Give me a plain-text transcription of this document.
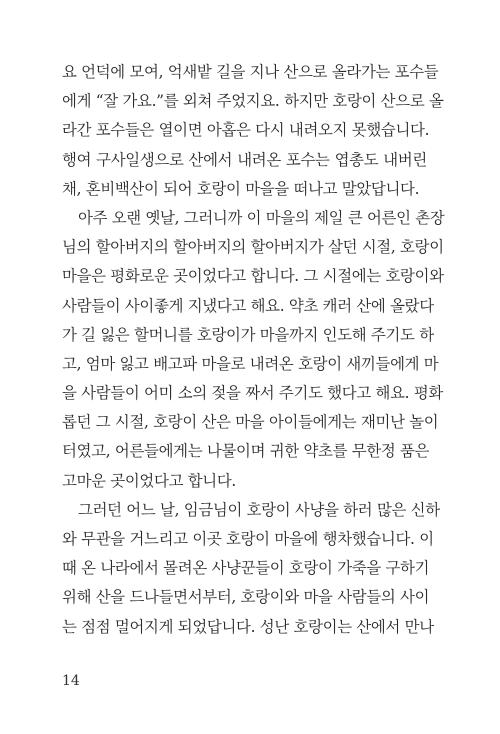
요 언덕에 모여, 억새밭 길을 지나 산으로 올라가는 포수들
에게 “잘 가요.”를 외쳐 주었지요. 하지만 호랑이 산으로 올
라간 포수들은 열이면 아홉은 다시 내려오지 못했습니다.
행여 구사일생으로 산에서 내려온 포수는 엽총도 내버린
채, 혼비백산이 되어 호랑이 마을을 떠나고 말았답니다.
아주 오랜 옛날, 그러니까 이 마을의 제일 큰 어른인 촌장
님의 할아버지의 할아버지의 할아버지가 살던 시절, 호랑이
마을은 평화로운 곳이었다고 합니다. 그 시절에는 호랑이와
사람들이 사이좋게 지냈다고 해요. 약초 캐러 산에 올랐다
가 길 잃은 할머니를 호랑이가 마을까지 인도해 주기도 하
고, 엄마 잃고 배고파 마을로 내려온 호랑이 새끼들에게 마
을 사람들이 어미 소의 젖을 짜서 주기도 했다고 해요. 평화
롭던 그 시절, 호랑이 산은 마을 아이들에게는 재미난 놀이
터였고, 어른들에게는 나물이며 귀한 약초를 무한정 품은
고마운 곳이었다고 합니다.
그러던 어느 날, 임금님이 호랑이 사냥을 하러 많은 신하
와 무관을 거느리고 이곳 호랑이 마을에 행차했습니다. 이
때 온 나라에서 몰려온 사냥꾼들이 호랑이 가죽을 구하기
위해 산을 드나들면서부터, 호랑이와 마을 사람들의 사이
는 점점 멀어지게 되었답니다. 성난 호랑이는 산에서 만나
14
